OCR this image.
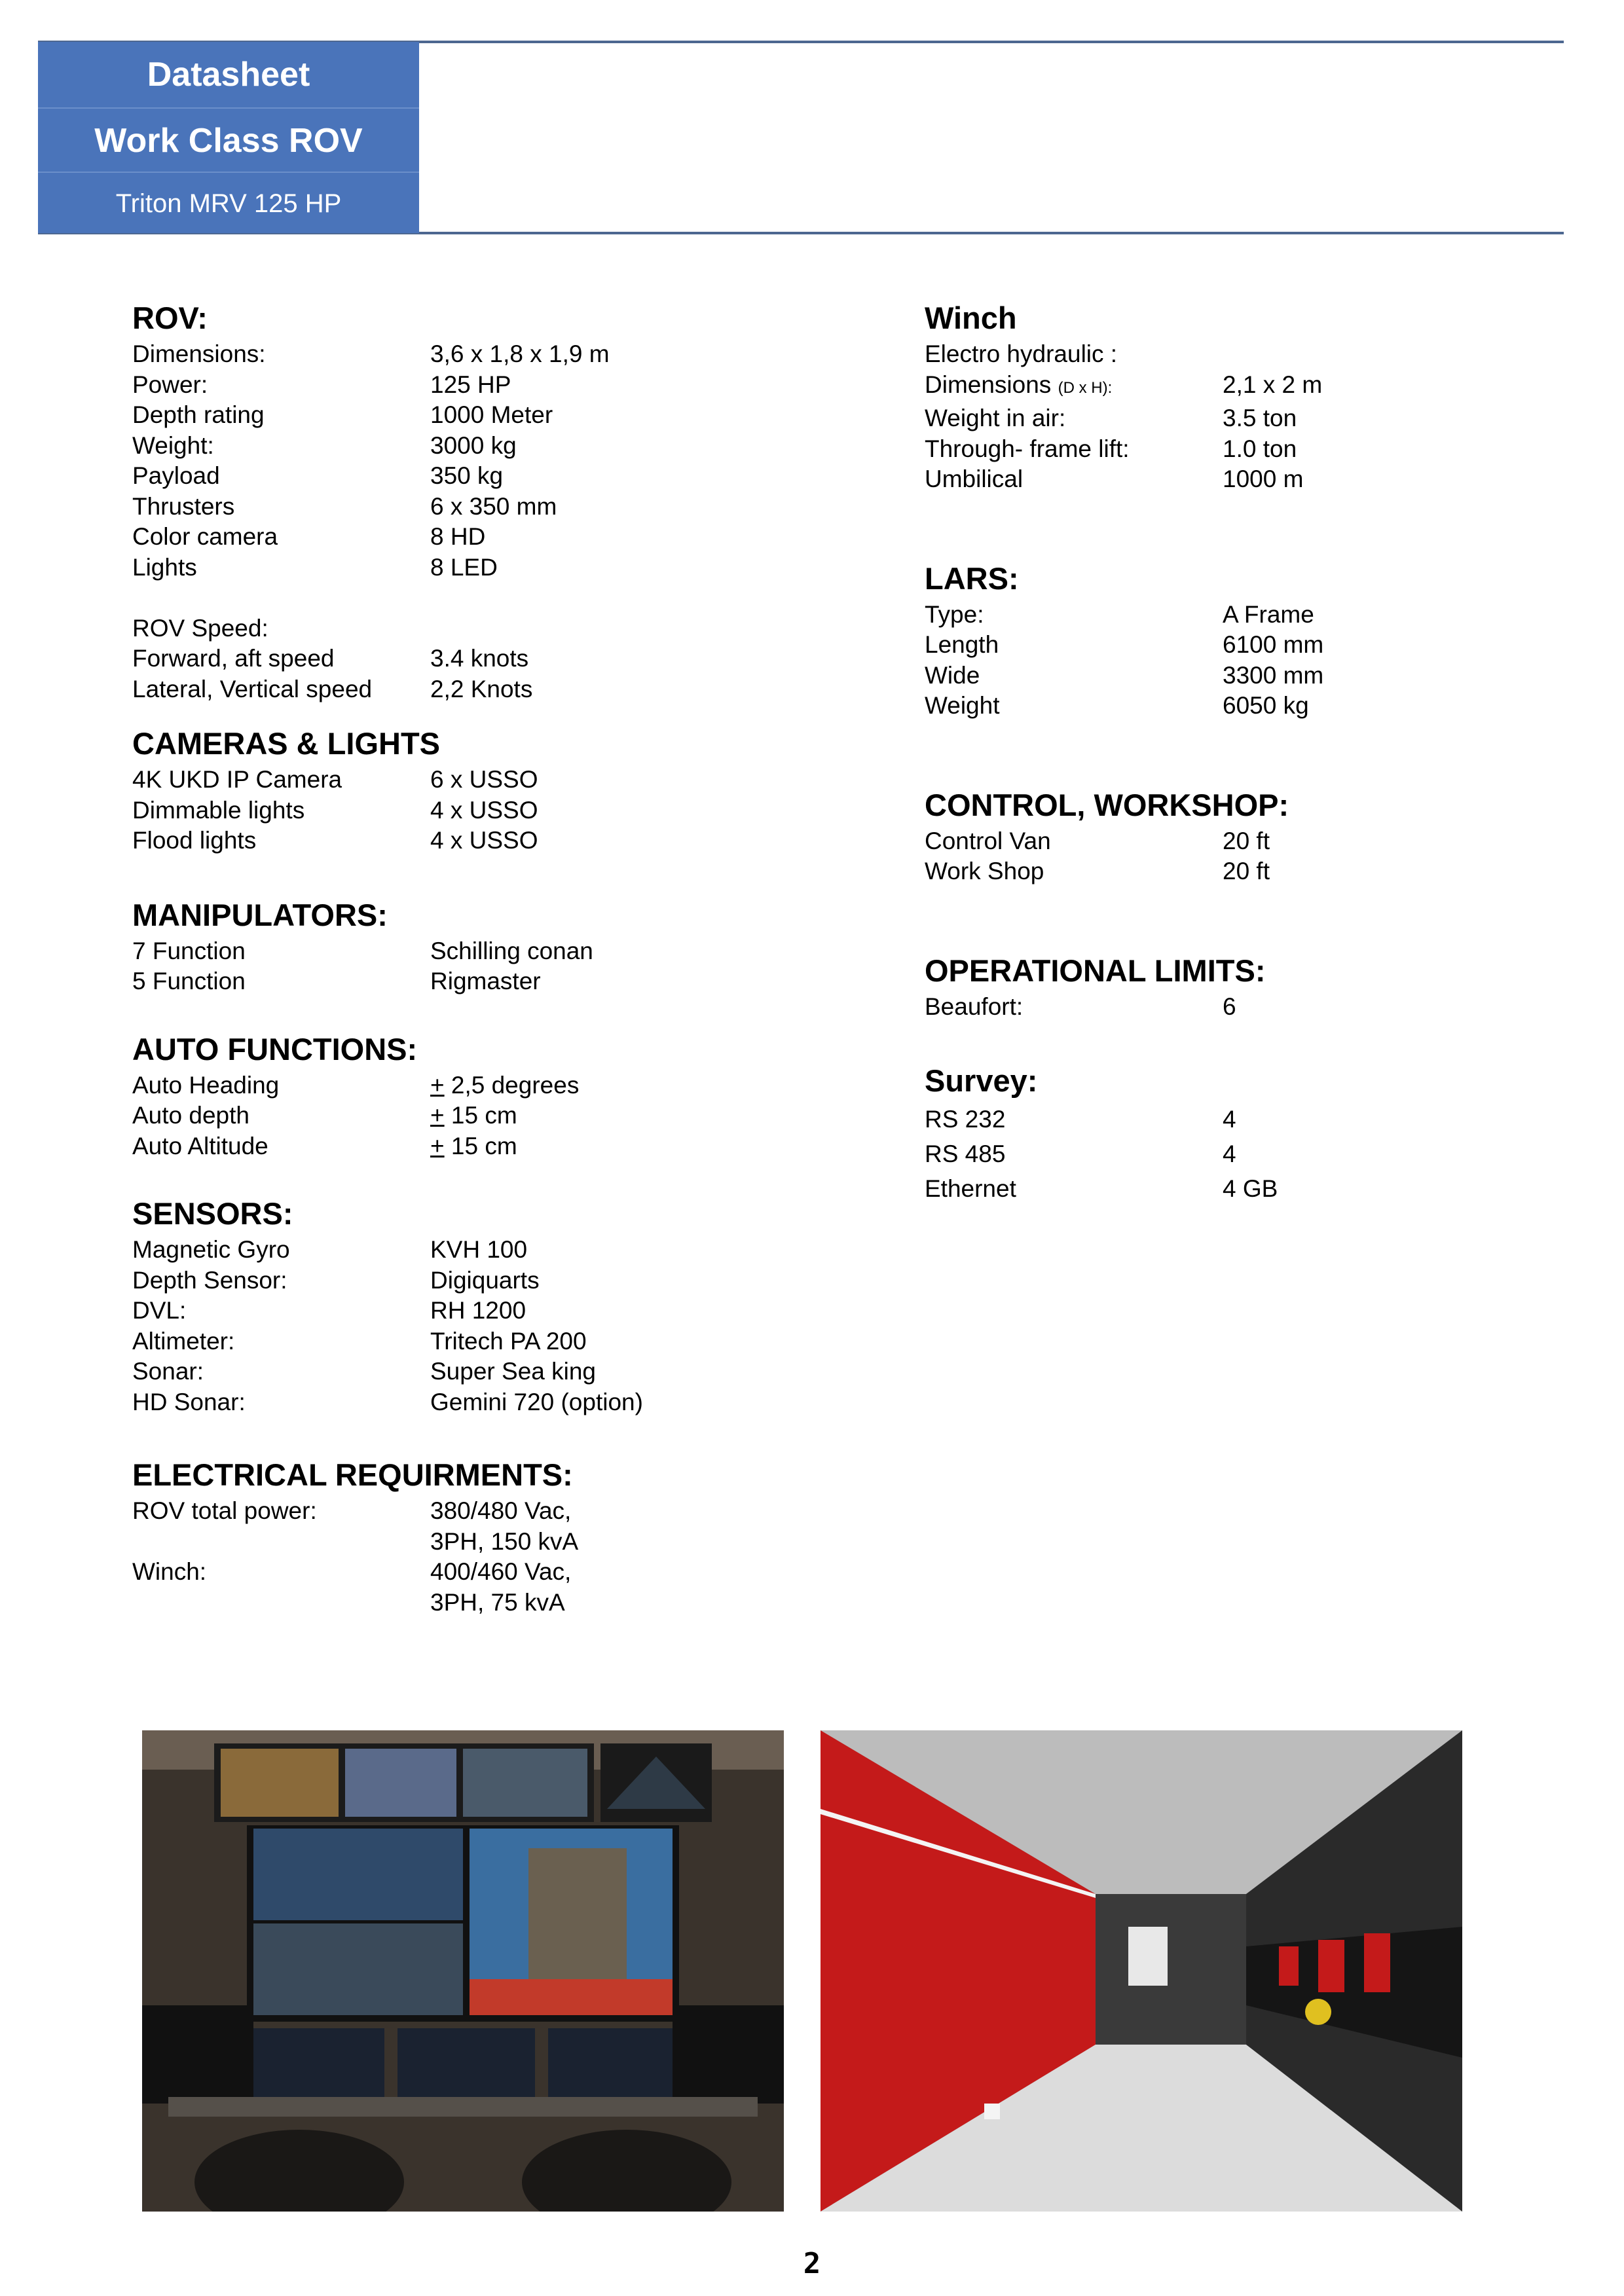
Datasheet
Work Class ROV
Triton MRV 125 HP
ROV:
Dimensions:	3,6 x 1,8 x 1,9 m
Power:	125 HP
Depth rating	1000 Meter
Weight:	3000 kg
Payload	350 kg
Thrusters	6 x 350 mm
Color camera	8 HD
Lights	8 LED
ROV Speed:
Forward, aft speed	3.4 knots
Lateral, Vertical speed	2,2 Knots
CAMERAS & LIGHTS
4K UKD IP Camera	6 x USSO
Dimmable lights	4 x USSO
Flood lights	4 x USSO
MANIPULATORS:
7 Function	Schilling conan
5 Function	Rigmaster
AUTO FUNCTIONS:
Auto Heading	+ 2,5 degrees
Auto depth	+ 15 cm
Auto Altitude	+ 15 cm
SENSORS:
Magnetic Gyro	KVH 100
Depth Sensor:	Digiquarts
DVL:	RH 1200
Altimeter:	Tritech PA 200
Sonar:	Super Sea king
HD Sonar:	Gemini 720 (option)
ELECTRICAL REQUIRMENTS:
ROV total power:	380/480 Vac,
3PH, 150 kvA
Winch:	400/460 Vac,
3PH, 75 kvA
Winch
Electro hydraulic :
Dimensions (D x H):	2,1 x 2 m
Weight in air:	3.5 ton
Through- frame lift:	1.0 ton
Umbilical	1000 m
LARS:
Type:	A Frame
Length	6100 mm
Wide	3300 mm
Weight	6050 kg
CONTROL, WORKSHOP:
Control Van	20 ft
Work Shop	20 ft
OPERATIONAL LIMITS:
Beaufort:	6
Survey:
RS 232	4
RS 485	4
Ethernet	4 GB
2
